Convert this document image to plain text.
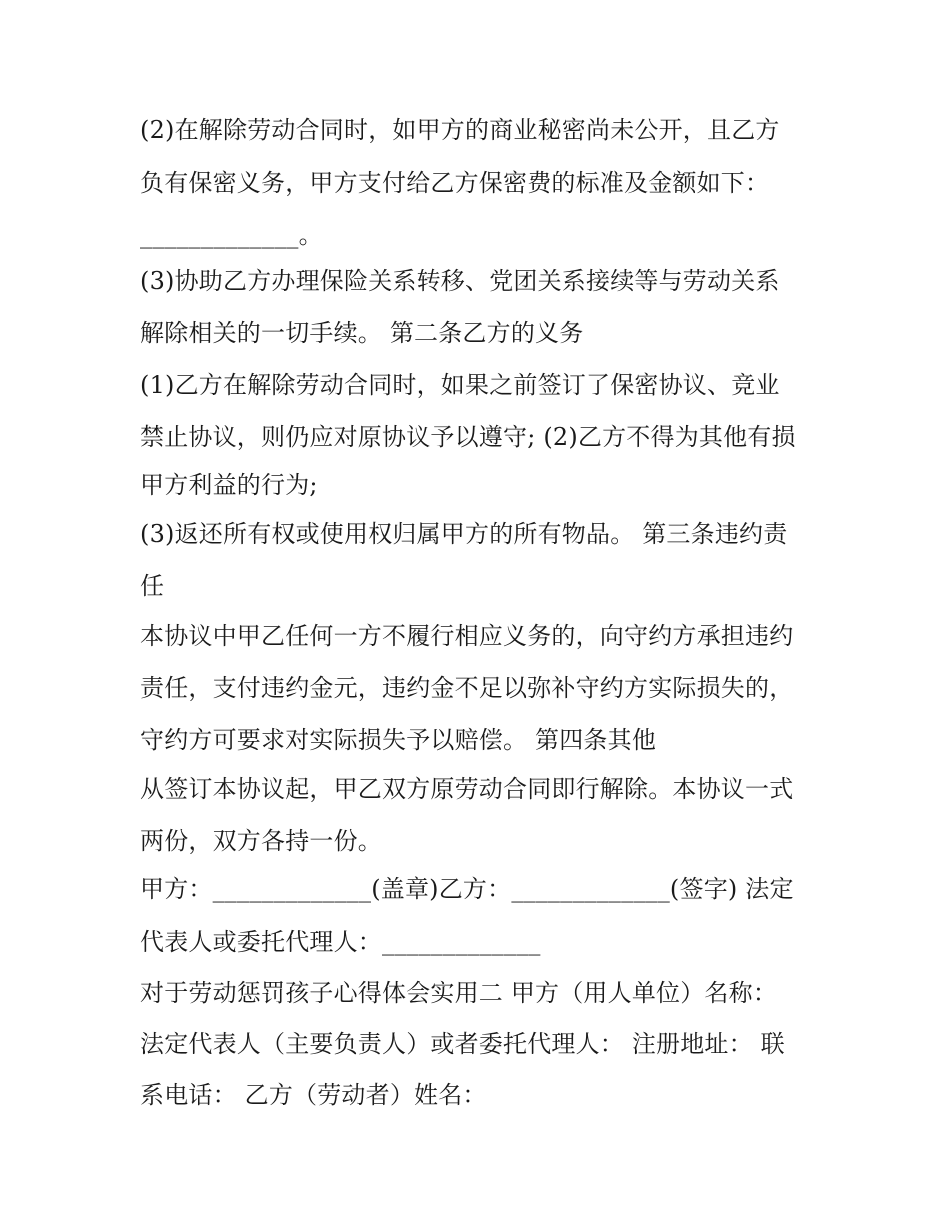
(2)在解除劳动合同时，如甲方的商业秘密尚未公开，且乙方
负有保密义务，甲方支付给乙方保密费的标准及金额如下：
_____________。
(3)协助乙方办理保险关系转移、党团关系接续等与劳动关系
解除相关的一切手续。 第二条乙方的义务
(1)乙方在解除劳动合同时，如果之前签订了保密协议、竞业
禁止协议，则仍应对原协议予以遵守; (2)乙方不得为其他有损
甲方利益的行为;
(3)返还所有权或使用权归属甲方的所有物品。 第三条违约责
任
本协议中甲乙任何一方不履行相应义务的，向守约方承担违约
责任，支付违约金元，违约金不足以弥补守约方实际损失的，
守约方可要求对实际损失予以赔偿。 第四条其他
从签订本协议起，甲乙双方原劳动合同即行解除。本协议一式
两份，双方各持一份。
甲方：_____________(盖章)乙方：_____________(签字) 法定
代表人或委托代理人：_____________
对于劳动惩罚孩子心得体会实用二 甲方（用人单位）名称：
法定代表人（主要负责人）或者委托代理人： 注册地址： 联
系电话： 乙方（劳动者）姓名：
